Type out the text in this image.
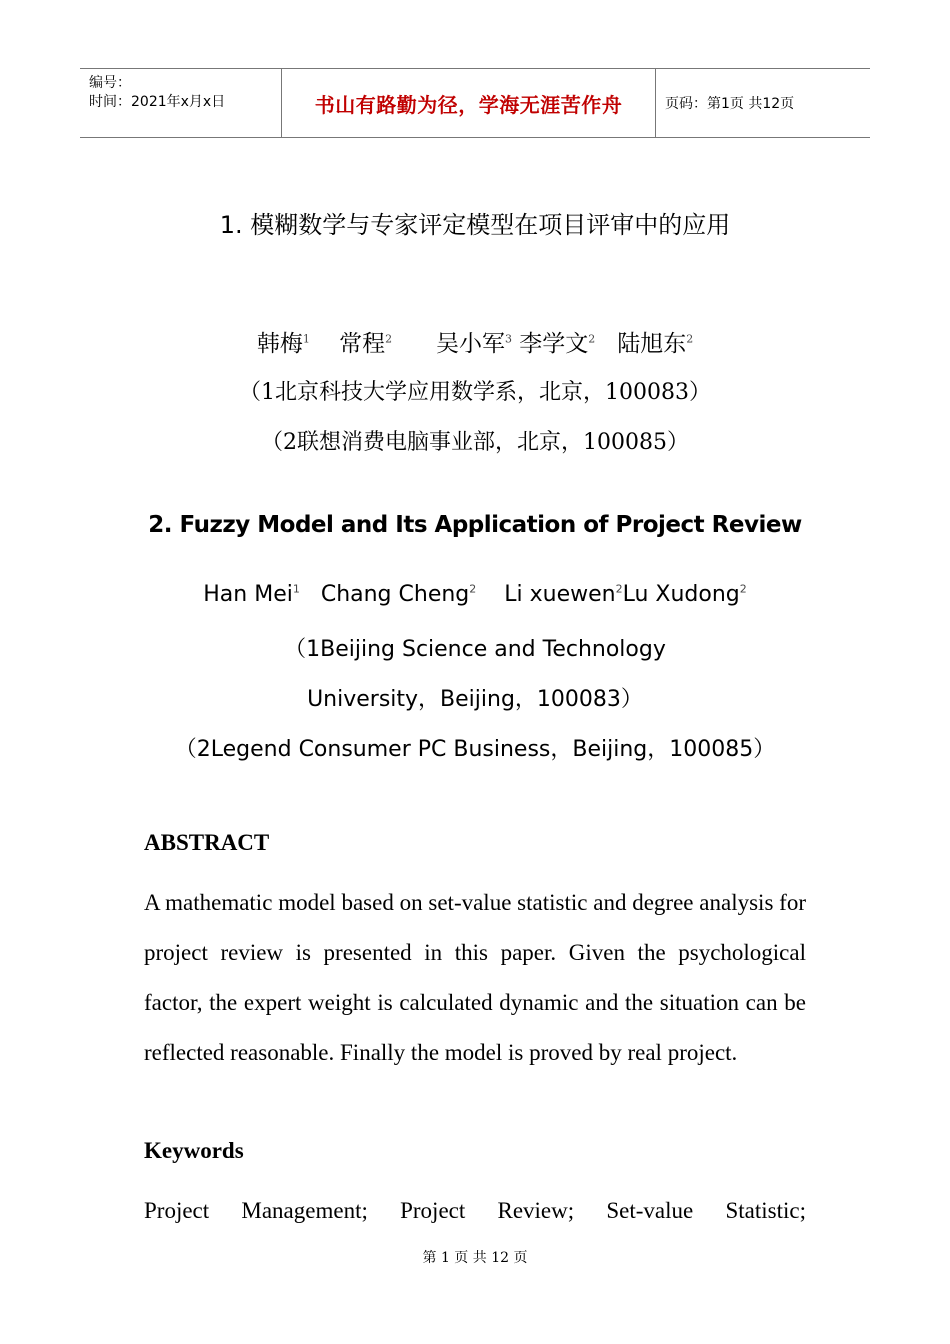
编号：
时间：2021年x月x日	书山有路勤为径，学海无涯苦作舟	页码：第1页 共12页
1. 模糊数学与专家评定模型在项目评审中的应用
韩梅$^1$ 常程$^2$ 吴小军$^3$ 李学文$^2$ 陆旭东$^2$
（1北京科技大学应用数学系，北京，100083）
（2联想消费电脑事业部，北京，100085）
2. Fuzzy Model and Its Application of Project Review
Han Mei$^1$ Chang Cheng$^2$ Li xuewen$^2$Lu Xudong$^2$
（1Beijing Science and Technology
University，Beijing，100083）
（2Legend Consumer PC Business，Beijing，100085）
ABSTRACT
A mathematic model based on set-value statistic and degree analysis for project review is presented in this paper. Given the psychological factor, the expert weight is calculated dynamic and the situation can be reflected reasonable. Finally the model is proved by real project.
Keywords
Project Management; Project Review; Set-value Statistic;
第 1 页 共 12 页
